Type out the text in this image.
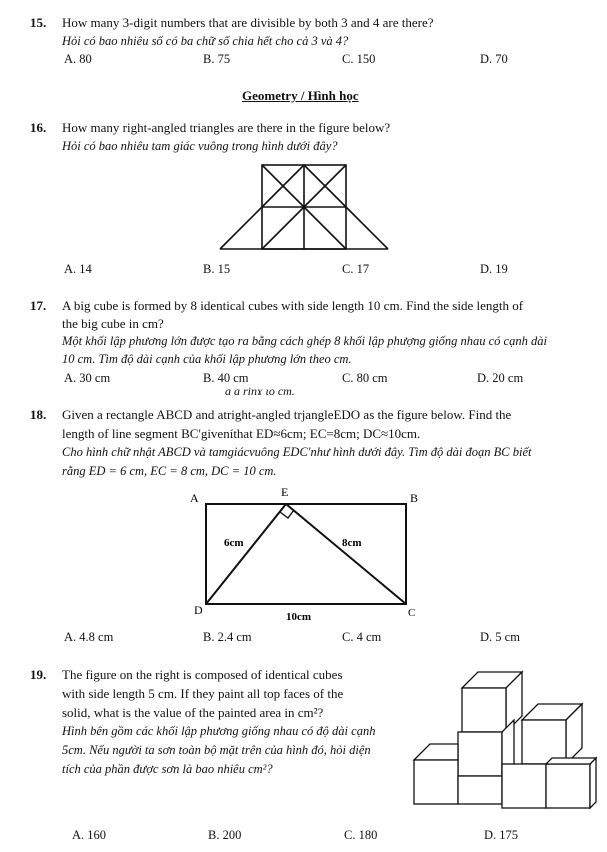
15. How many 3-digit numbers that are divisible by both 3 and 4 are there?
Hỏi có bao nhiêu số có ba chữ số chia hết cho cả 3 và 4?
A. 80	B. 75	C. 150	D. 70
Geometry / Hình học
16. How many right-angled triangles are there in the figure below?
Hỏi có bao nhiêu tam giác vuông trong hình dưới đây?
A. 14	B. 15	C. 17	D. 19
17. A big cube is formed by 8 identical cubes with side length 10 cm. Find the side length of
the big cube in cm?
Một khối lập phương lớn được tạo ra bằng cách ghép 8 khối lập phượng giống nhau có cạnh dài
10 cm. Tìm độ dài cạnh của khối lập phương lớn theo cm.
A. 30 cm	B. 40 cm	C. 80 cm	D. 20 cm
a a rinɤ ιo cm.
18. Given a rectangle ABCD and atright-angled trjangleEDO as the figure below. Find the
length of line segment BC'giveníthat ED≈6cm; EC=8cm; DC≈10cm.
Cho hình chữ nhật ABCD và tamgiácvuông EDC'như hình dưới đây. Tìm độ dài đoạn BC biết
rằng ED = 6 cm, EC = 8 cm, DC = 10 cm.
A	E	B
D	C
6cm	8cm
10cm
A. 4.8 cm	B. 2.4 cm	C. 4 cm	D. 5 cm
19. The figure on the right is composed of identical cubes
with side length 5 cm. If they paint all top faces of the
solid, what is the value of the painted area in cm²?
Hình bên gồm các khối lập phương giống nhau có độ dài cạnh
5cm. Nếu người ta sơn toàn bộ mặt trên của hình đó, hỏi diện
tích của phần được sơn là bao nhiêu cm²?
A. 160	B. 200	C. 180	D. 175
